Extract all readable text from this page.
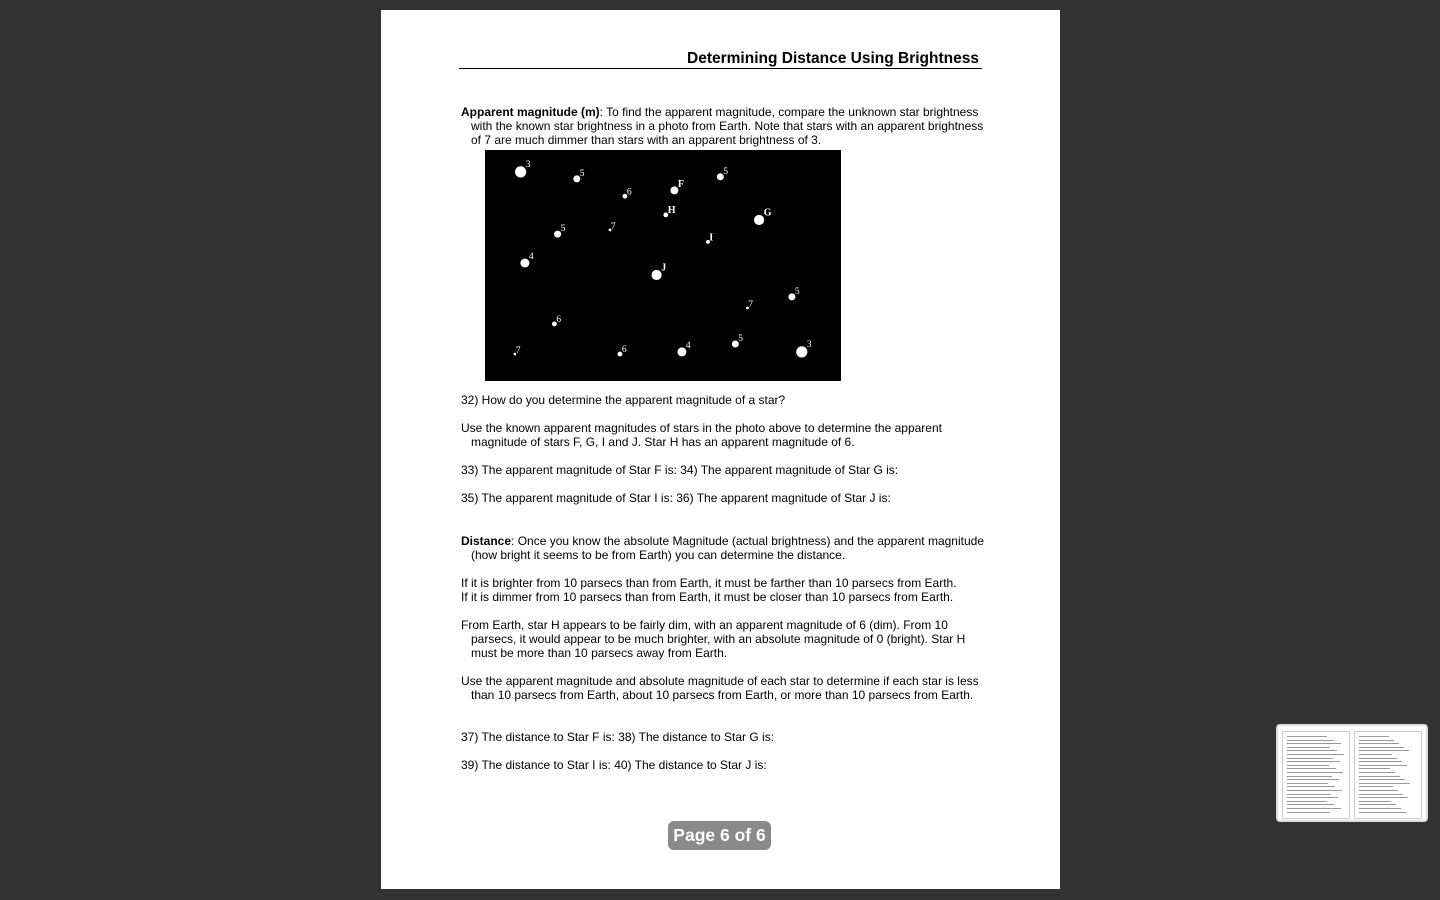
Determining Distance Using Brightness
Apparent magnitude (m): To find the apparent magnitude, compare the unknown star brightness with the known star brightness in a photo from Earth. Note that stars with an apparent brightness of 7 are much dimmer than stars with an apparent brightness of 3.
3
5
6
F
5
H	G
7
5
I
4
J
5
7
6
7	6	4
5
3
32) How do you determine the apparent magnitude of a star?
Use the known apparent magnitudes of stars in the photo above to determine the apparent magnitude of stars F, G, I and J. Star H has an apparent magnitude of 6.
33) The apparent magnitude of Star F is: 34) The apparent magnitude of Star G is:
35) The apparent magnitude of Star I is: 36) The apparent magnitude of Star J is:
Distance: Once you know the absolute Magnitude (actual brightness) and the apparent magnitude (how bright it seems to be from Earth) you can determine the distance.
If it is brighter from 10 parsecs than from Earth, it must be farther than 10 parsecs from Earth.
If it is dimmer from 10 parsecs than from Earth, it must be closer than 10 parsecs from Earth.
From Earth, star H appears to be fairly dim, with an apparent magnitude of 6 (dim). From 10 parsecs, it would appear to be much brighter, with an absolute magnitude of 0 (bright). Star H must be more than 10 parsecs away from Earth.
Use the apparent magnitude and absolute magnitude of each star to determine if each star is less than 10 parsecs from Earth, about 10 parsecs from Earth, or more than 10 parsecs from Earth.
37) The distance to Star F is: 38) The distance to Star G is:
39) The distance to Star I is: 40) The distance to Star J is:
Page 6 of 6
